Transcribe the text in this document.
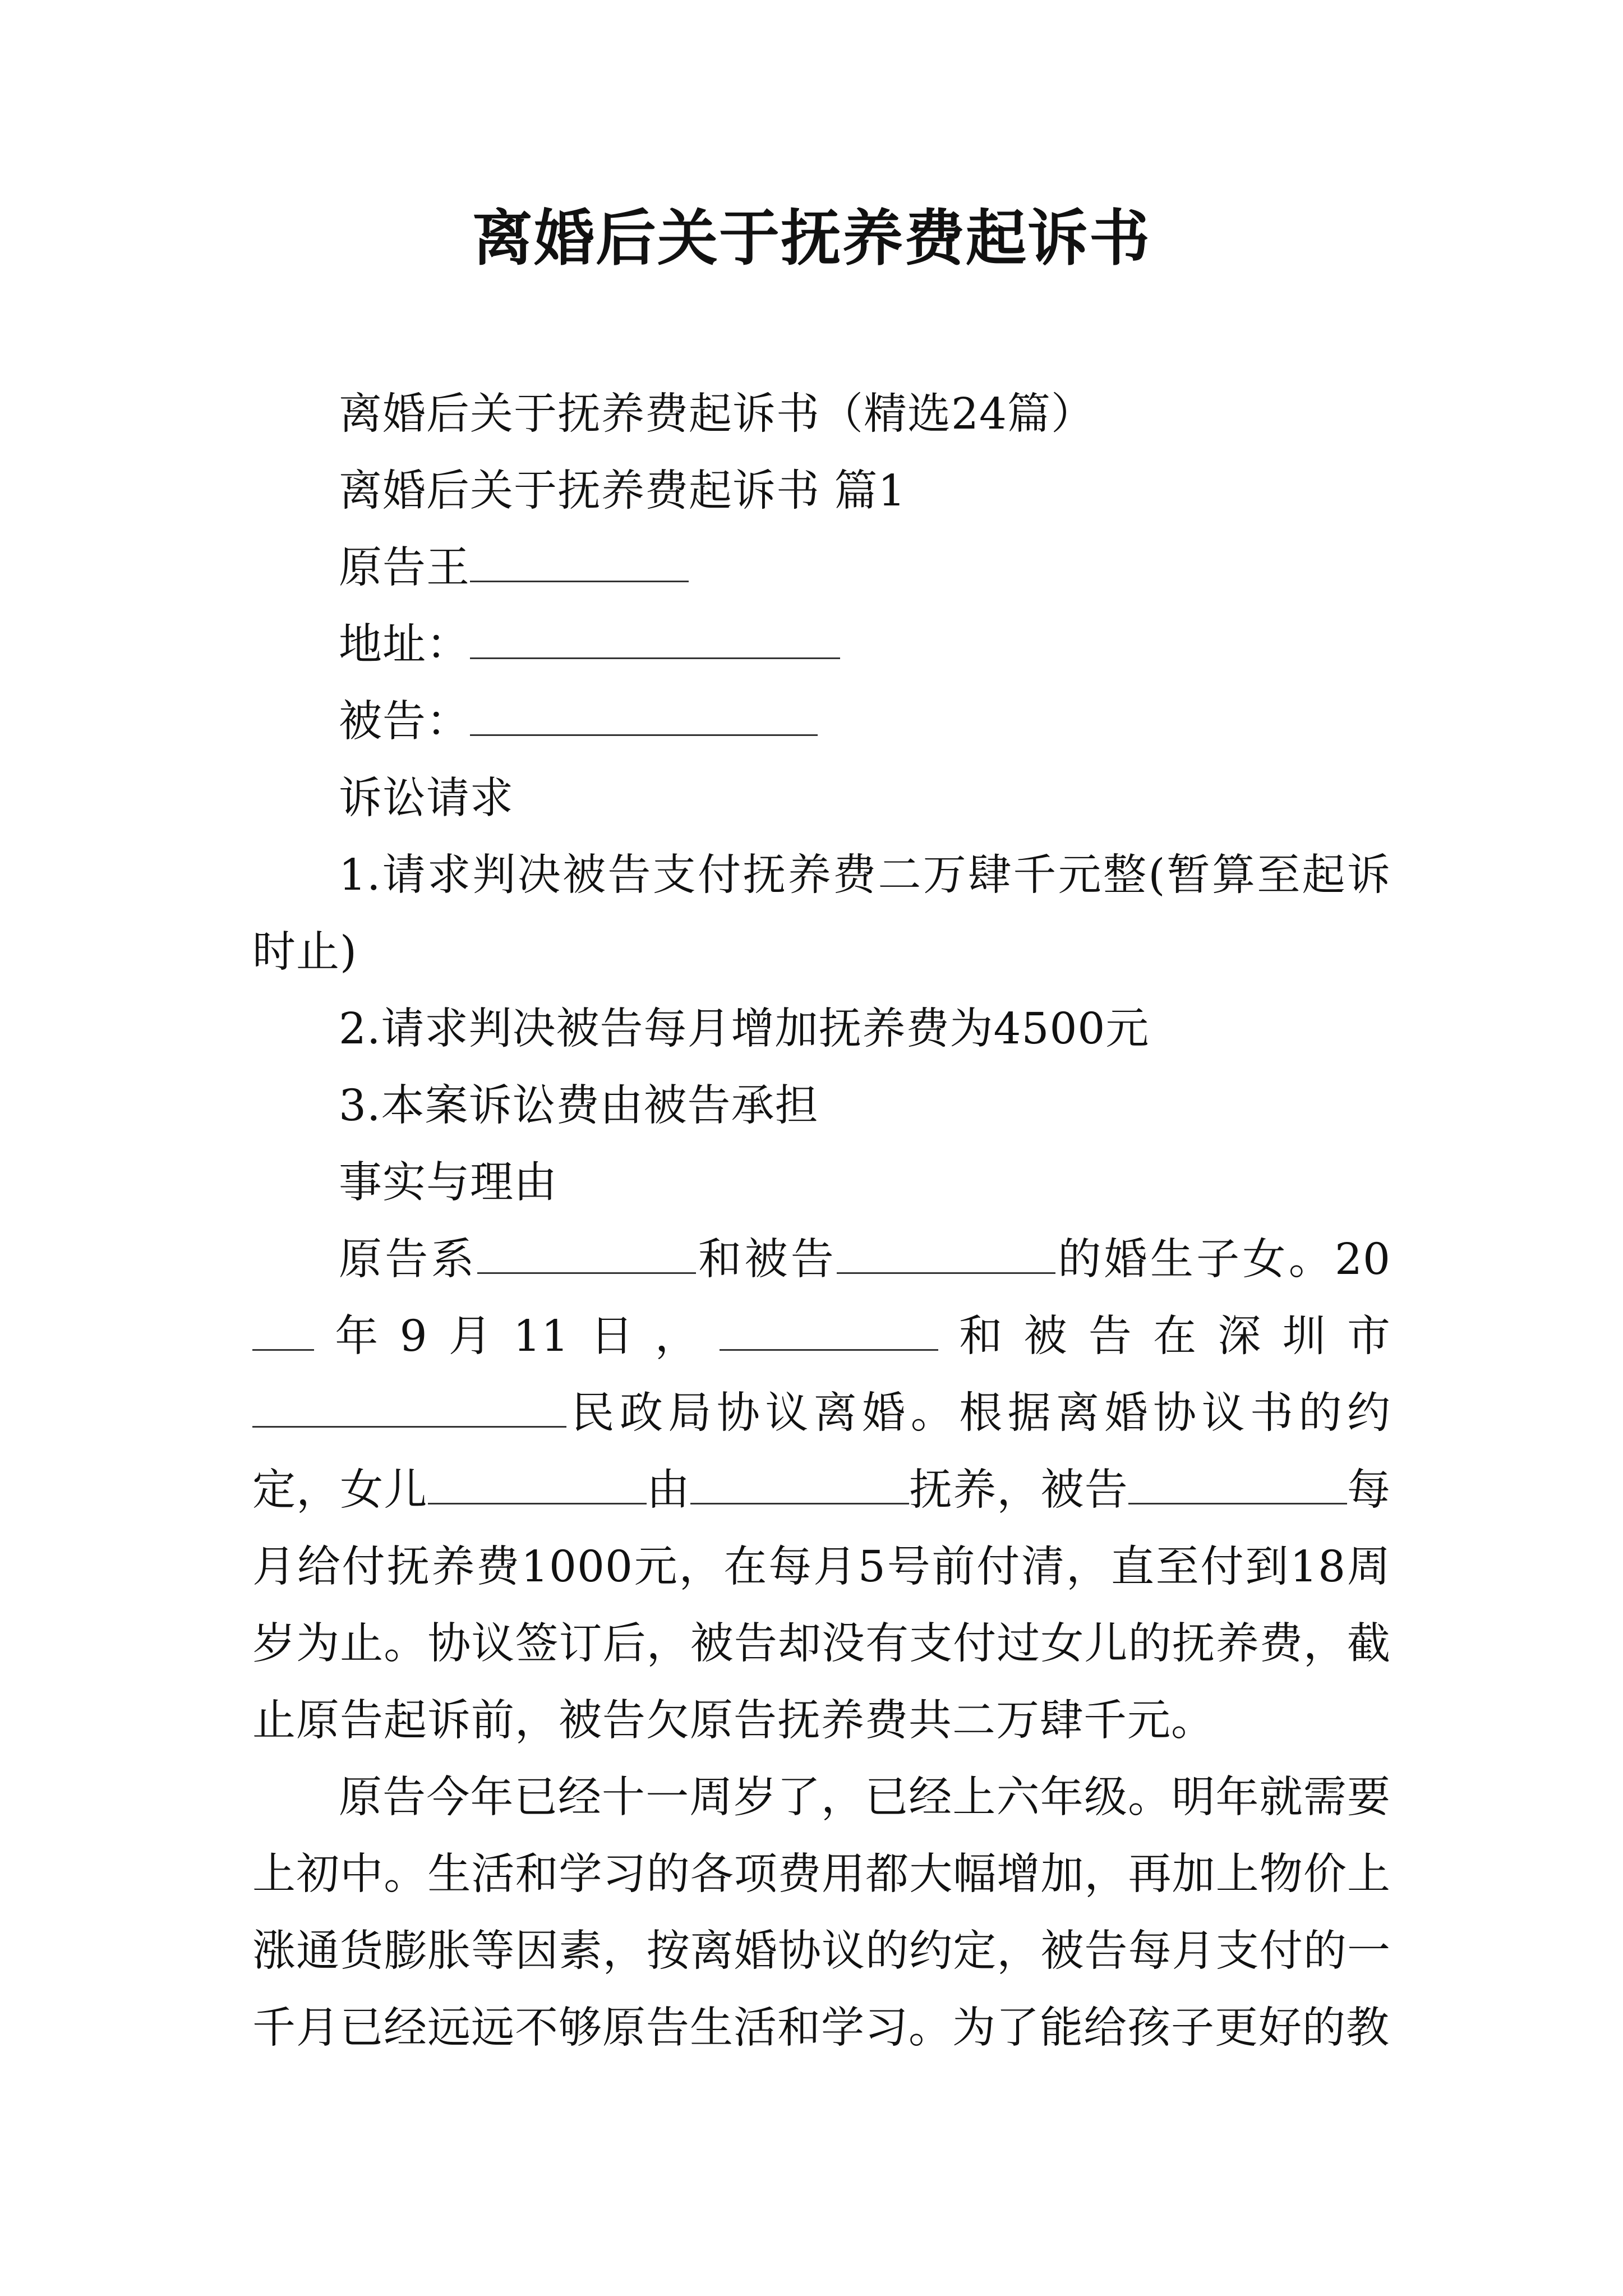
离婚后关于抚养费起诉书

离婚后关于抚养费起诉书（精选24篇）

离婚后关于抚养费起诉书 篇1

原告王

地址：

被告：

诉讼请求

1.请求判决被告支付抚养费二万肆千元整(暂算至起诉时止)

2.请求判决被告每月增加抚养费为4500元

3.本案诉讼费由被告承担

事实与理由

原告系	和被告	的婚生子女。20年9月11日，	和被告在深圳市民政局协议离婚。根据离婚协议书的约定，女儿	由	抚养，被告	每月给付抚养费1000元，在每月5号前付清，直至付到18周岁为止。协议签订后，被告却没有支付过女儿的抚养费，截止原告起诉前，被告欠原告抚养费共二万肆千元。

原告今年已经十一周岁了，已经上六年级。明年就需要上初中。生活和学习的各项费用都大幅增加，再加上物价上涨通货膨胀等因素，按离婚协议的约定，被告每月支付的一千月已经远远不够原告生活和学习。为了能给孩子更好的教
